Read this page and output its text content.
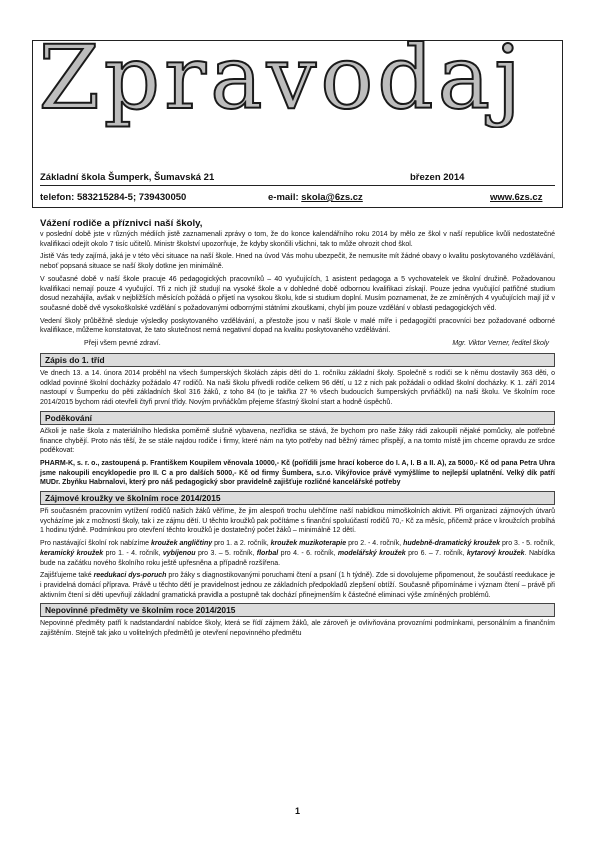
Zpravodaj
Základní škola Šumperk, Šumavská 21	březen 2014
telefon: 583215284-5; 739430050	e-mail: skola@6zs.cz	www.6zs.cz
Vážení rodiče a příznivci naší školy,

v poslední době jste v různých médiích jistě zaznamenali zprávy o tom, že do konce kalendářního roku 2014 by mělo ze škol v naší republice kvůli nedostatečné kvalifikaci odejít okolo 7 tisíc učitelů. Ministr školství upozorňuje, že kdyby skončili všichni, tak to může ohrozit chod škol.

Jistě Vás tedy zajímá, jaká je v této věci situace na naší škole. Hned na úvod Vás mohu ubezpečit, že nemusíte mít žádné obavy o kvalitu poskytovaného vzdělávání, neboť popsaná situace se naší školy dotkne jen minimálně.

V současné době v naší škole pracuje 46 pedagogických pracovníků – 40 vyučujících, 1 asistent pedagoga a 5 vychovatelek ve školní družině. Požadovanou kvalifikaci nemají pouze 4 vyučující. Tři z nich již studují na vysoké škole a v dohledné době odbornou kvalifikaci získají. Pouze jedna vyučující patřičné studium dosud nezahájila, avšak v nejbližších měsících požádá o přijetí na vysokou školu, kde si studium doplní. Musím poznamenat, že ze zmíněných 4 vyučujících mají již v současné době dvě vysokoškolské vzdělání s požadovanými odbornými státními zkouškami, chybí jim pouze vzdělání v oblasti pedagogických věd.

Vedení školy průběžně sleduje výsledky poskytovaného vzdělávání, a přestože jsou v naší škole v malé míře i pedagogičtí pracovníci bez požadované odborné kvalifikace, můžeme konstatovat, že tato skutečnost nemá negativní dopad na kvalitu poskytovaného vzdělávání.

Přeji všem pevné zdraví.	Mgr. Viktor Verner, ředitel školy
Zápis do 1. tříd

Ve dnech 13. a 14. února 2014 proběhl na všech šumperských školách zápis dětí do 1. ročníku základní školy. Společně s rodiči se k němu dostavily 363 děti, o odklad povinné školní docházky požádalo 47 rodičů. Na naši školu přivedli rodiče celkem 96 dětí, u 12 z nich pak požádali o odklad školní docházky. K 1. září 2014 nastoupí v Šumperku do pěti základních škol 316 žáků, z toho 84 (to je takřka 27 % všech budoucích šumperských prvňáčků) na naši školu. Ve školním roce 2014/2015 bychom rádi otevřeli čtyři první třídy. Novým prvňáčkům přejeme šťastný školní start a hodně úspěchů.

Poděkování

Ačkoli je naše škola z materiálního hlediska poměrně slušně vybavena, nezřídka se stává, že bychom pro naše žáky rádi zakoupili nějaké pomůcky, ale potřebné finance chybějí. Proto nás těší, že se stále najdou rodiče i firmy, které nám na tyto potřeby nad běžný rámec přispějí, a na tomto místě jim chceme opravdu ze srdce poděkovat:

PHARM-K, s. r. o., zastoupená p. Františkem Koupilem věnovala 10000,- Kč (pořídili jsme hrací koberce do I. A, I. B a II. A), za 5000,- Kč od pana Petra Uhra jsme nakoupili encyklopedie pro II. C a pro dalších 5000,- Kč od firmy Šumbera, s.r.o. Vikýřovice právě vymýšlíme to nejlepší uplatnění. Velký dík patří MUDr. Zbyňku Habrnalovi, který pro náš pedagogický sbor pravidelně zajišťuje rozličné kancelářské potřeby

Zájmové kroužky ve školním roce 2014/2015

Při současném pracovním vytížení rodičů našich žáků věříme, že jim alespoň trochu ulehčíme naší nabídkou mimoškolních aktivit. Při organizaci zájmových útvarů vycházíme jak z možností školy, tak i ze zájmu dětí. U těchto kroužků pak počítáme s finanční spoluúčastí rodičů 70,- Kč za měsíc, přičemž práce v kroužcích probíhá 1 hodinu týdně. Podmínkou pro otevření těchto kroužků je dostatečný počet žáků – minimálně 12 dětí.

Pro nastávající školní rok nabízíme kroužek angličtiny pro 1. a 2. ročník, kroužek muzikoterapie pro 2. - 4. ročník, hudebně-dramatický kroužek pro 3. - 5. ročník, keramický kroužek pro 1. - 4. ročník, vybíjenou pro 3. – 5. ročník, florbal pro 4. - 6. ročník, modelářský kroužek pro 6. – 7. ročník, kytarový kroužek. Nabídka bude na začátku nového školního roku ještě upřesněna a případně rozšířena.

Zajišťujeme také reedukaci dys-poruch pro žáky s diagnostikovanými poruchami čtení a psaní (1 h týdně). Zde si dovolujeme připomenout, že součástí reedukace je i pravidelná domácí příprava. Právě u těchto dětí je pravidelnost jednou ze základních předpokladů zlepšení obtíží. Současně připomínáme i význam čtení – právě při aktivním čtení si děti upevňují základní gramatická pravidla a postupně tak dochází přinejmenším k částečné eliminaci výše zmíněných problémů.

Nepovinné předměty ve školním roce 2014/2015

Nepovinné předměty patří k nadstandardní nabídce školy, která se řídí zájmem žáků, ale zároveň je ovlivňována provozními podmínkami, personálním a finančním zajištěním. Stejně tak jako u volitelných předmětů je otevření nepovinného předmětu

1
